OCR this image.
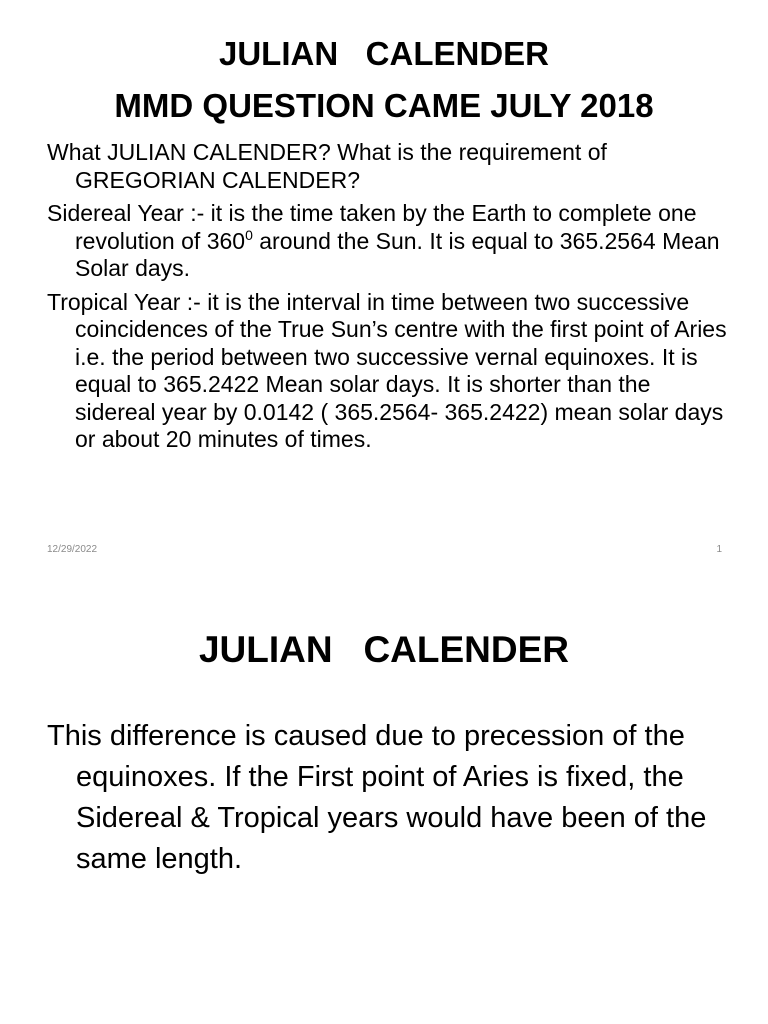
JULIAN   CALENDER
MMD QUESTION CAME JULY 2018

What JULIAN CALENDER? What is the requirement of GREGORIAN CALENDER?

Sidereal Year :- it is the time taken by the Earth to complete one revolution of $360^0$ around the Sun. It is equal to 365.2564 Mean Solar days.

Tropical Year :- it is the interval in time between two successive coincidences of the True Sun’s centre with the first point of Aries i.e. the period between two successive vernal equinoxes. It is equal to 365.2422 Mean solar days. It is shorter than the sidereal year by 0.0142 ( 365.2564- 365.2422) mean solar days or about 20 minutes of times.

12/29/2022	1
JULIAN   CALENDER

This difference is caused due to precession of the equinoxes. If the First point of Aries is fixed, the Sidereal & Tropical years would have been of the same length.
